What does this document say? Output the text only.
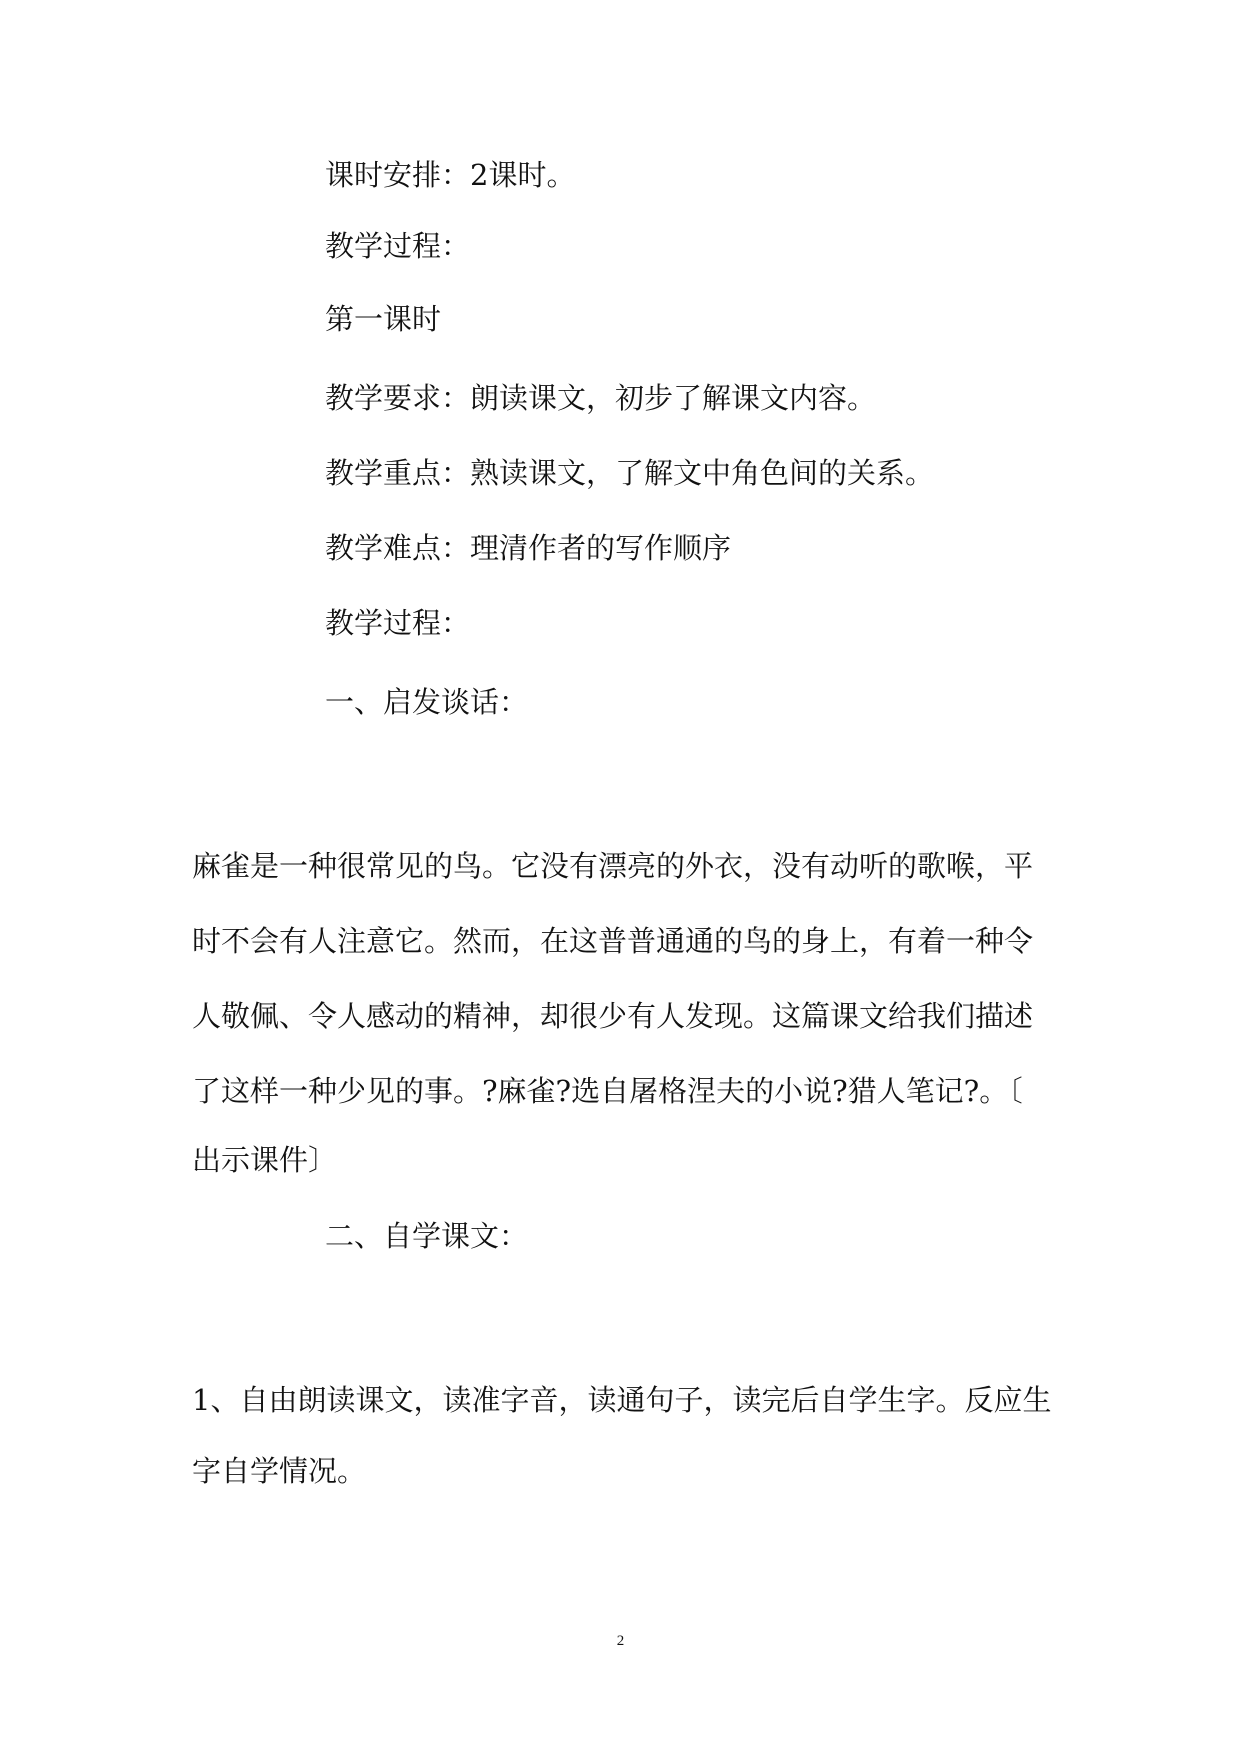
课时安排：2课时。

教学过程：

第一课时

教学要求：朗读课文，初步了解课文内容。

教学重点：熟读课文，了解文中角色间的关系。

教学难点：理清作者的写作顺序

教学过程：

一、启发谈话：

麻雀是一种很常见的鸟。它没有漂亮的外衣，没有动听的歌喉，平

时不会有人注意它。然而，在这普普通通的鸟的身上，有着一种令

人敬佩、令人感动的精神，却很少有人发现。这篇课文给我们描述

了这样一种少见的事。?麻雀?选自屠格涅夫的小说?猎人笔记?。〔

出示课件〕

二、自学课文：

1、自由朗读课文，读准字音，读通句子，读完后自学生字。反应生

字自学情况。

2
